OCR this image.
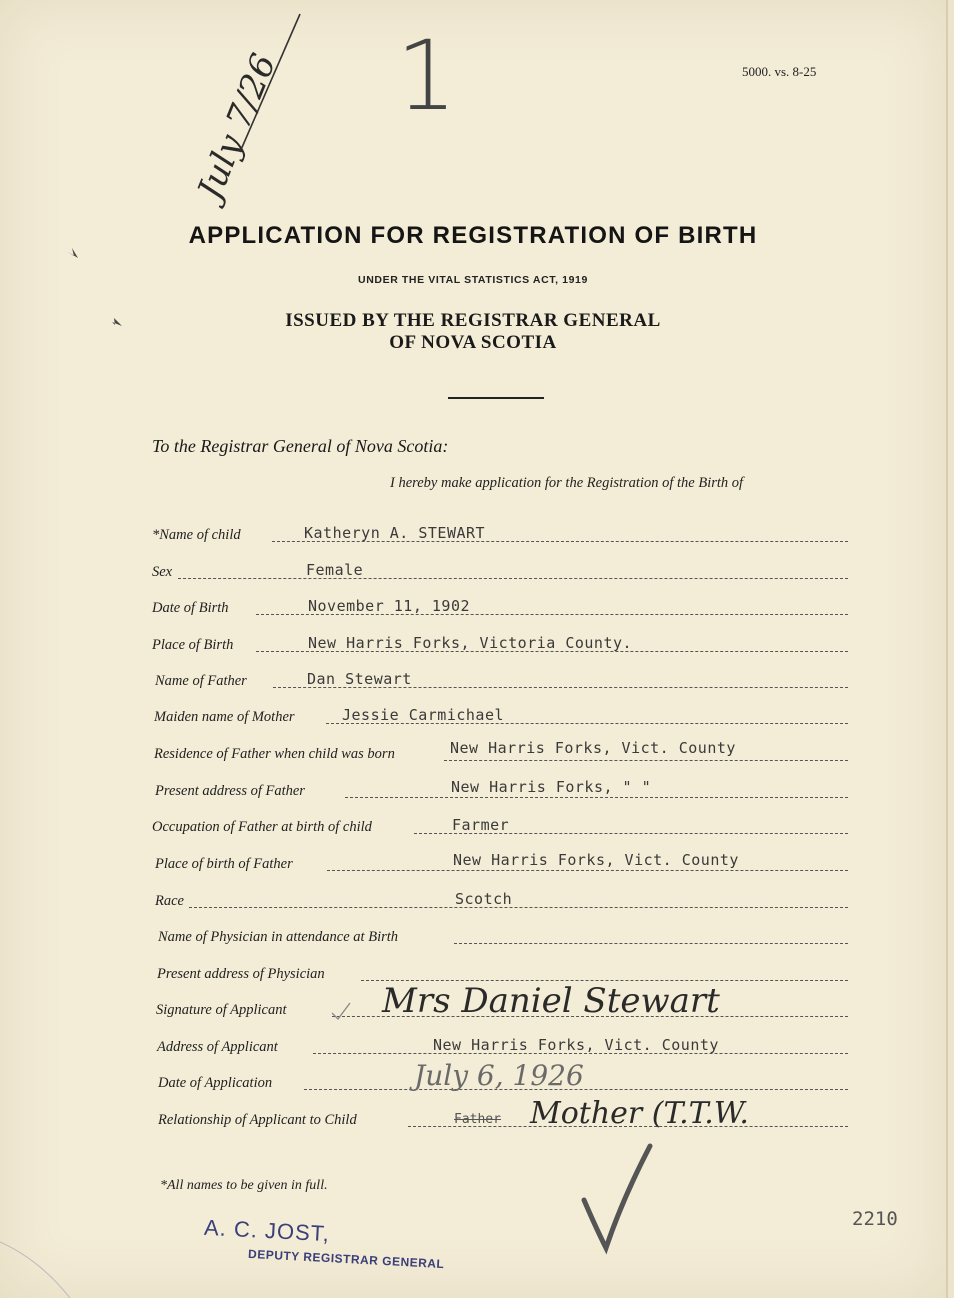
5000. vs. 8-25
July 7/26 1
APPLICATION FOR REGISTRATION OF BIRTH
UNDER THE VITAL STATISTICS ACT, 1919
ISSUED BY THE REGISTRAR GENERAL
OF NOVA SCOTIA
To the Registrar General of Nova Scotia:
I hereby make application for the Registration of the Birth of
*Name of child	Katheryn A. STEWART
Sex	Female
Date of Birth	November 11, 1902
Place of Birth	New Harris Forks, Victoria County.
Name of Father	Dan Stewart
Maiden name of Mother	Jessie Carmichael
Residence of Father when child was born	New Harris Forks, Vict. County
Present address of Father	New Harris Forks, " "
Occupation of Father at birth of child	Farmer
Place of birth of Father	New Harris Forks, Vict. County
Race	Scotch
Name of Physician in attendance at Birth
Present address of Physician
Signature of Applicant	Mrs Daniel Stewart
Address of Applicant	New Harris Forks, Vict. County
Date of Application	July 6, 1926
Relationship of Applicant to Child	Father Mother (T.T.W.
*All names to be given in full.
A. C. JOST,
DEPUTY REGISTRAR GENERAL
2210
